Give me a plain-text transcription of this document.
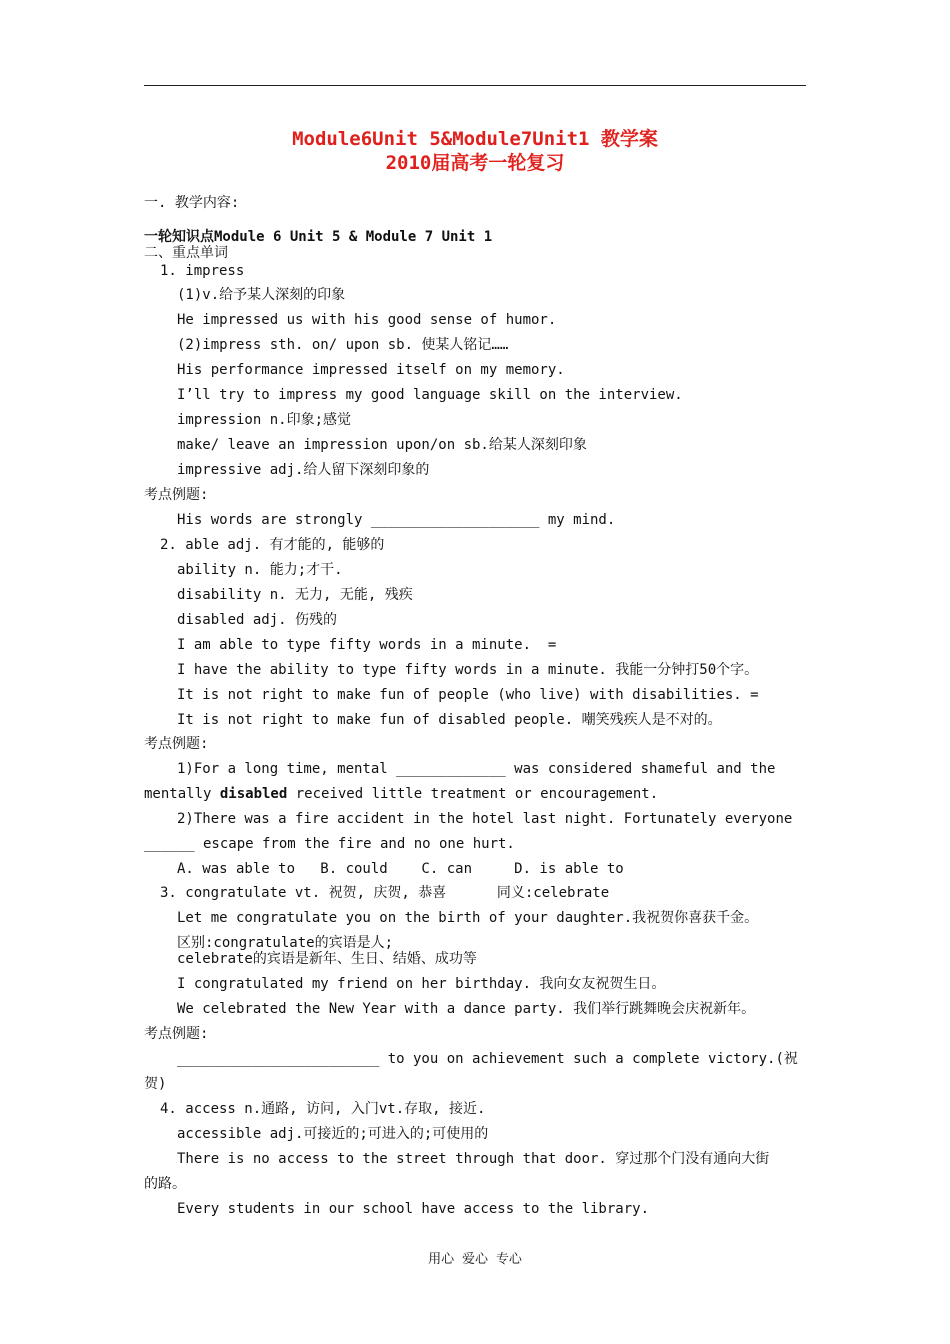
Module6Unit 5&Module7Unit1 教学案
2010届高考一轮复习
一. 教学内容:
一轮知识点Module 6 Unit 5 & Module 7 Unit 1
二、重点单词
1. impress
(1)v.给予某人深刻的印象
He impressed us with his good sense of humor.
(2)impress sth. on/ upon sb. 使某人铭记……
His performance impressed itself on my memory.
I’ll try to impress my good language skill on the interview.
impression n.印象;感觉
make/ leave an impression upon/on sb.给某人深刻印象
impressive adj.给人留下深刻印象的
考点例题:
His words are strongly ____________________ my mind.
2. able adj. 有才能的, 能够的
ability n. 能力;才干.
disability n. 无力, 无能, 残疾
disabled adj. 伤残的
I am able to type fifty words in a minute.  =
I have the ability to type fifty words in a minute. 我能一分钟打50个字。
It is not right to make fun of people (who live) with disabilities. =
It is not right to make fun of disabled people. 嘲笑残疾人是不对的。
考点例题:
1)For a long time, mental _____________ was considered shameful and the
mentally disabled received little treatment or encouragement.
2)There was a fire accident in the hotel last night. Fortunately everyone
______ escape from the fire and no one hurt.
A. was able to   B. could    C. can     D. is able to
3. congratulate vt. 祝贺, 庆贺, 恭喜      同义:celebrate
Let me congratulate you on the birth of your daughter.我祝贺你喜获千金。
区别:congratulate的宾语是人;
celebrate的宾语是新年、生日、结婚、成功等
I congratulated my friend on her birthday. 我向女友祝贺生日。
We celebrated the New Year with a dance party. 我们举行跳舞晚会庆祝新年。
考点例题:
________________________ to you on achievement such a complete victory.(祝
贺)
4. access n.通路, 访问, 入门vt.存取, 接近.
accessible adj.可接近的;可进入的;可使用的
There is no access to the street through that door. 穿过那个门没有通向大街
的路。
Every students in our school have access to the library.
用心 爱心 专心
